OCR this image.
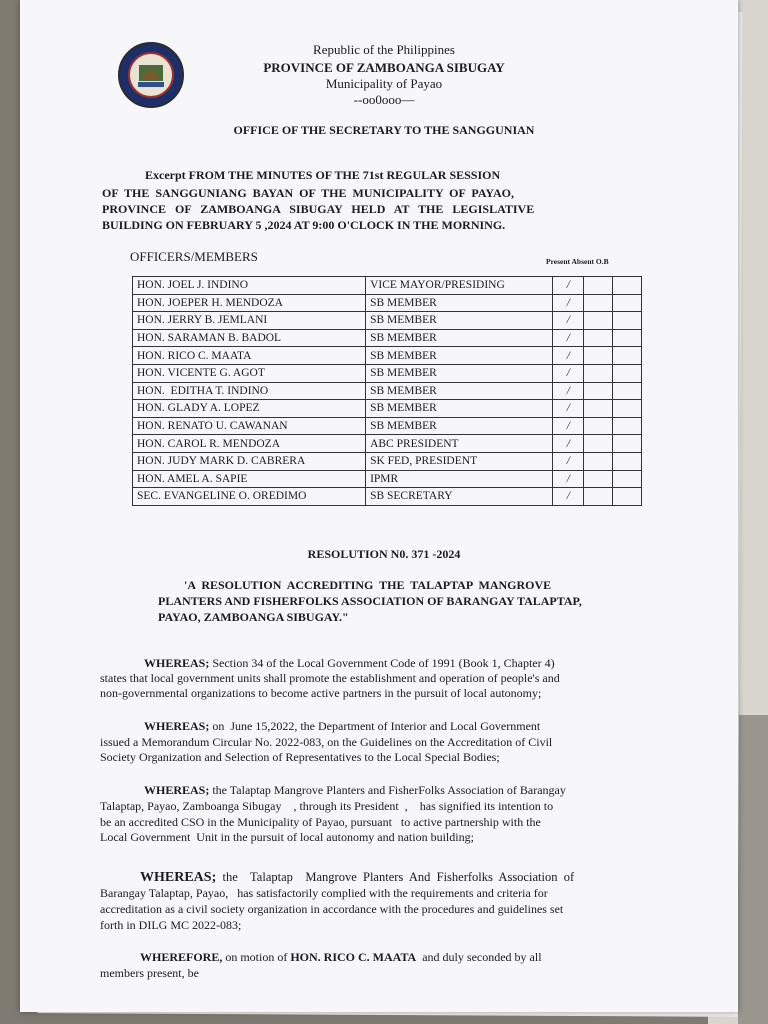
Republic of the Philippines
PROVINCE OF ZAMBOANGA SIBUGAY
Municipality of Payao
--oo0ooo—
OFFICE OF THE SECRETARY TO THE SANGGUNIAN
Excerpt FROM THE MINUTES OF THE 71st REGULAR SESSION
OF  THE  SANGGUNIANG  BAYAN  OF  THE  MUNICIPALITY  OF  PAYAO,
PROVINCE   OF   ZAMBOANGA   SIBUGAY   HELD   AT   THE   LEGISLATIVE
BUILDING ON FEBRUARY 5 ,2024 AT 9:00 O'CLOCK IN THE MORNING.
OFFICERS/MEMBERS	Present Absent O.B
HON. JOEL J. INDINO	VICE MAYOR/PRESIDING	/		
HON. JOEPER H. MENDOZA	SB MEMBER	/		
HON. JERRY B. JEMLANI	SB MEMBER	/		
HON. SARAMAN B. BADOL	SB MEMBER	/		
HON. RICO C. MAATA	SB MEMBER	/		
HON. VICENTE G. AGOT	SB MEMBER	/		
HON.  EDITHA T. INDINO	SB MEMBER	/		
HON. GLADY A. LOPEZ	SB MEMBER	/		
HON. RENATO U. CAWANAN	SB MEMBER	/		
HON. CAROL R. MENDOZA	ABC PRESIDENT	/		
HON. JUDY MARK D. CABRERA	SK FED, PRESIDENT	/		
HON. AMEL A. SAPIE	IPMR	/		
SEC. EVANGELINE O. OREDIMO	SB SECRETARY	/		
RESOLUTION N0. 371 -2024
'A  RESOLUTION  ACCREDITING  THE  TALAPTAP  MANGROVE
PLANTERS AND FISHERFOLKS ASSOCIATION OF BARANGAY TALAPTAP,
PAYAO, ZAMBOANGA SIBUGAY."
WHEREAS; Section 34 of the Local Government Code of 1991 (Book 1, Chapter 4)
states that local government units shall promote the establishment and operation of people's and
non-governmental organizations to become active partners in the pursuit of local autonomy;
WHEREAS; on  June 15,2022, the Department of Interior and Local Government
issued a Memorandum Circular No. 2022-083, on the Guidelines on the Accreditation of Civil
Society Organization and Selection of Representatives to the Local Special Bodies;
WHEREAS; the Talaptap Mangrove Planters and FisherFolks Association of Barangay
Talaptap, Payao, Zamboanga Sibugay    , through its President  ,    has signified its intention to
be an accredited CSO in the Municipality of Payao, pursuant   to active partnership with the
Local Government  Unit in the pursuit of local autonomy and nation building;
WHEREAS;  the    Talaptap    Mangrove  Planters  And  Fisherfolks  Association  of
Barangay Talaptap, Payao,   has satisfactorily complied with the requirements and criteria for
accreditation as a civil society organization in accordance with the procedures and guidelines set
forth in DILG MC 2022-083;
WHEREFORE, on motion of HON. RICO C. MAATA  and duly seconded by all
members present, be
